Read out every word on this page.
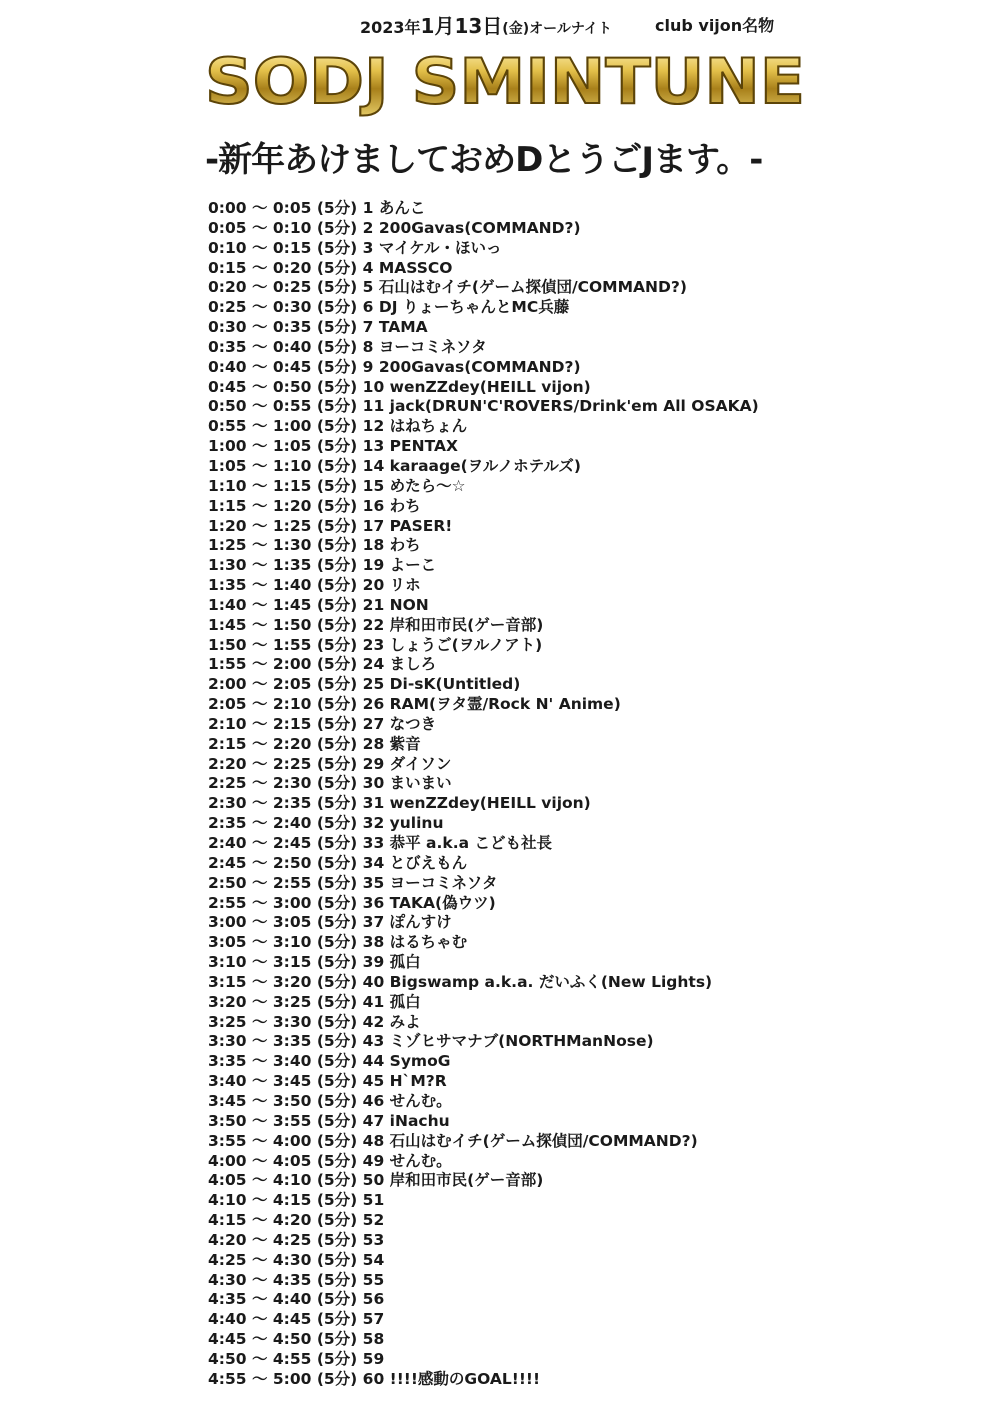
2023年1月13日(金)オールナイト	club vijon名物
SODJ SMINTUNE
-新年あけましておめDとうごJます。-
0:00 ～ 0:05 (5分) 1 あんこ
0:05 ～ 0:10 (5分) 2 200Gavas(COMMAND?)
0:10 ～ 0:15 (5分) 3 マイケル・ほいっ
0:15 ～ 0:20 (5分) 4 MASSCO
0:20 ～ 0:25 (5分) 5 石山はむイチ(ゲーム探偵団/COMMAND?)
0:25 ～ 0:30 (5分) 6 DJ りょーちゃんとMC兵藤
0:30 ～ 0:35 (5分) 7 TAMA
0:35 ～ 0:40 (5分) 8 ヨーコミネソタ
0:40 ～ 0:45 (5分) 9 200Gavas(COMMAND?)
0:45 ～ 0:50 (5分) 10 wenZZdey(HEILL vijon)
0:50 ～ 0:55 (5分) 11 jack(DRUN'C'ROVERS/Drink'em All OSAKA)
0:55 ～ 1:00 (5分) 12 はねちょん
1:00 ～ 1:05 (5分) 13 PENTAX
1:05 ～ 1:10 (5分) 14 karaage(ヲルノホテルズ)
1:10 ～ 1:15 (5分) 15 めたら〜☆
1:15 ～ 1:20 (5分) 16 わち
1:20 ～ 1:25 (5分) 17 PASER!
1:25 ～ 1:30 (5分) 18 わち
1:30 ～ 1:35 (5分) 19 よーこ
1:35 ～ 1:40 (5分) 20 リホ
1:40 ～ 1:45 (5分) 21 NON
1:45 ～ 1:50 (5分) 22 岸和田市民(ゲー音部)
1:50 ～ 1:55 (5分) 23 しょうご(ヲルノアト)
1:55 ～ 2:00 (5分) 24 ましろ
2:00 ～ 2:05 (5分) 25 Di-sK(Untitled)
2:05 ～ 2:10 (5分) 26 RAM(ヲタ霊/Rock N' Anime)
2:10 ～ 2:15 (5分) 27 なつき
2:15 ～ 2:20 (5分) 28 紫音
2:20 ～ 2:25 (5分) 29 ダイソン
2:25 ～ 2:30 (5分) 30 まいまい
2:30 ～ 2:35 (5分) 31 wenZZdey(HEILL vijon)
2:35 ～ 2:40 (5分) 32 yulinu
2:40 ～ 2:45 (5分) 33 恭平 a.k.a こども社長
2:45 ～ 2:50 (5分) 34 とびえもん
2:50 ～ 2:55 (5分) 35 ヨーコミネソタ
2:55 ～ 3:00 (5分) 36 TAKA(偽ウツ)
3:00 ～ 3:05 (5分) 37 ぽんすけ
3:05 ～ 3:10 (5分) 38 はるちゃむ
3:10 ～ 3:15 (5分) 39 孤白
3:15 ～ 3:20 (5分) 40 Bigswamp a.k.a. だいふく(New Lights)
3:20 ～ 3:25 (5分) 41 孤白
3:25 ～ 3:30 (5分) 42 みよ
3:30 ～ 3:35 (5分) 43 ミゾヒサマナブ(NORTHManNose)
3:35 ～ 3:40 (5分) 44 SymoG
3:40 ～ 3:45 (5分) 45 H`M?R
3:45 ～ 3:50 (5分) 46 せんむ。
3:50 ～ 3:55 (5分) 47 iNachu
3:55 ～ 4:00 (5分) 48 石山はむイチ(ゲーム探偵団/COMMAND?)
4:00 ～ 4:05 (5分) 49 せんむ。
4:05 ～ 4:10 (5分) 50 岸和田市民(ゲー音部)
4:10 ～ 4:15 (5分) 51
4:15 ～ 4:20 (5分) 52
4:20 ～ 4:25 (5分) 53
4:25 ～ 4:30 (5分) 54
4:30 ～ 4:35 (5分) 55
4:35 ～ 4:40 (5分) 56
4:40 ～ 4:45 (5分) 57
4:45 ～ 4:50 (5分) 58
4:50 ～ 4:55 (5分) 59
4:55 ～ 5:00 (5分) 60 !!!!感動のGOAL!!!!
